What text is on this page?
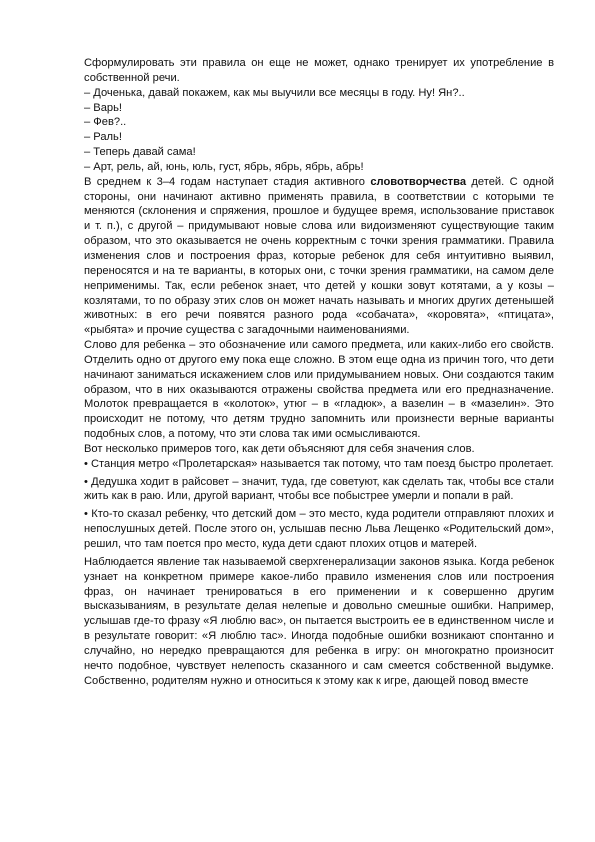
Сформулировать эти правила он еще не может, однако тренирует их употребление в собственной речи.

– Доченька, давай покажем, как мы выучили все месяцы в году. Ну! Ян?..

– Варь!

– Фев?..

– Раль!

– Теперь давай сама!

– Арт, рель, ай, юнь, юль, густ, ябрь, ябрь, ябрь, абрь!

В среднем к 3–4 годам наступает стадия активного словотворчества детей. С одной стороны, они начинают активно применять правила, в соответствии с которыми те меняются (склонения и спряжения, прошлое и будущее время, использование приставок и т. п.), с другой – придумывают новые слова или видоизменяют существующие таким образом, что это оказывается не очень корректным с точки зрения грамматики. Правила изменения слов и построения фраз, которые ребенок для себя интуитивно выявил, переносятся и на те варианты, в которых они, с точки зрения грамматики, на самом деле неприменимы. Так, если ребенок знает, что детей у кошки зовут котятами, а у козы – козлятами, то по образу этих слов он может начать называть и многих других детенышей животных: в его речи появятся разного рода «собачата», «коровята», «птицата», «рыбята» и прочие существа с загадочными наименованиями.

Слово для ребенка – это обозначение или самого предмета, или каких-либо его свойств. Отделить одно от другого ему пока еще сложно. В этом еще одна из причин того, что дети начинают заниматься искажением слов или придумыванием новых. Они создаются таким образом, что в них оказываются отражены свойства предмета или его предназначение. Молоток превращается в «колоток», утюг – в «гладюк», а вазелин – в «мазелин». Это происходит не потому, что детям трудно запомнить или произнести верные варианты подобных слов, а потому, что эти слова так ими осмысливаются.

Вот несколько примеров того, как дети объясняют для себя значения слов.

• Станция метро «Пролетарская» называется так потому, что там поезд быстро пролетает.

• Дедушка ходит в райсовет – значит, туда, где советуют, как сделать так, чтобы все стали жить как в раю. Или, другой вариант, чтобы все побыстрее умерли и попали в рай.

• Кто-то сказал ребенку, что детский дом – это место, куда родители отправляют плохих и непослушных детей. После этого он, услышав песню Льва Лещенко «Родительский дом», решил, что там поется про место, куда дети сдают плохих отцов и матерей.

Наблюдается явление так называемой сверхгенерализации законов языка. Когда ребенок узнает на конкретном примере какое-либо правило изменения слов или построения фраз, он начинает тренироваться в его применении и к совершенно другим высказываниям, в результате делая нелепые и довольно смешные ошибки. Например, услышав где-то фразу «Я люблю вас», он пытается выстроить ее в единственном числе и в результате говорит: «Я люблю тас». Иногда подобные ошибки возникают спонтанно и случайно, но нередко превращаются для ребенка в игру: он многократно произносит нечто подобное, чувствует нелепость сказанного и сам смеется собственной выдумке. Собственно, родителям нужно и относиться к этому как к игре, дающей повод вместе
